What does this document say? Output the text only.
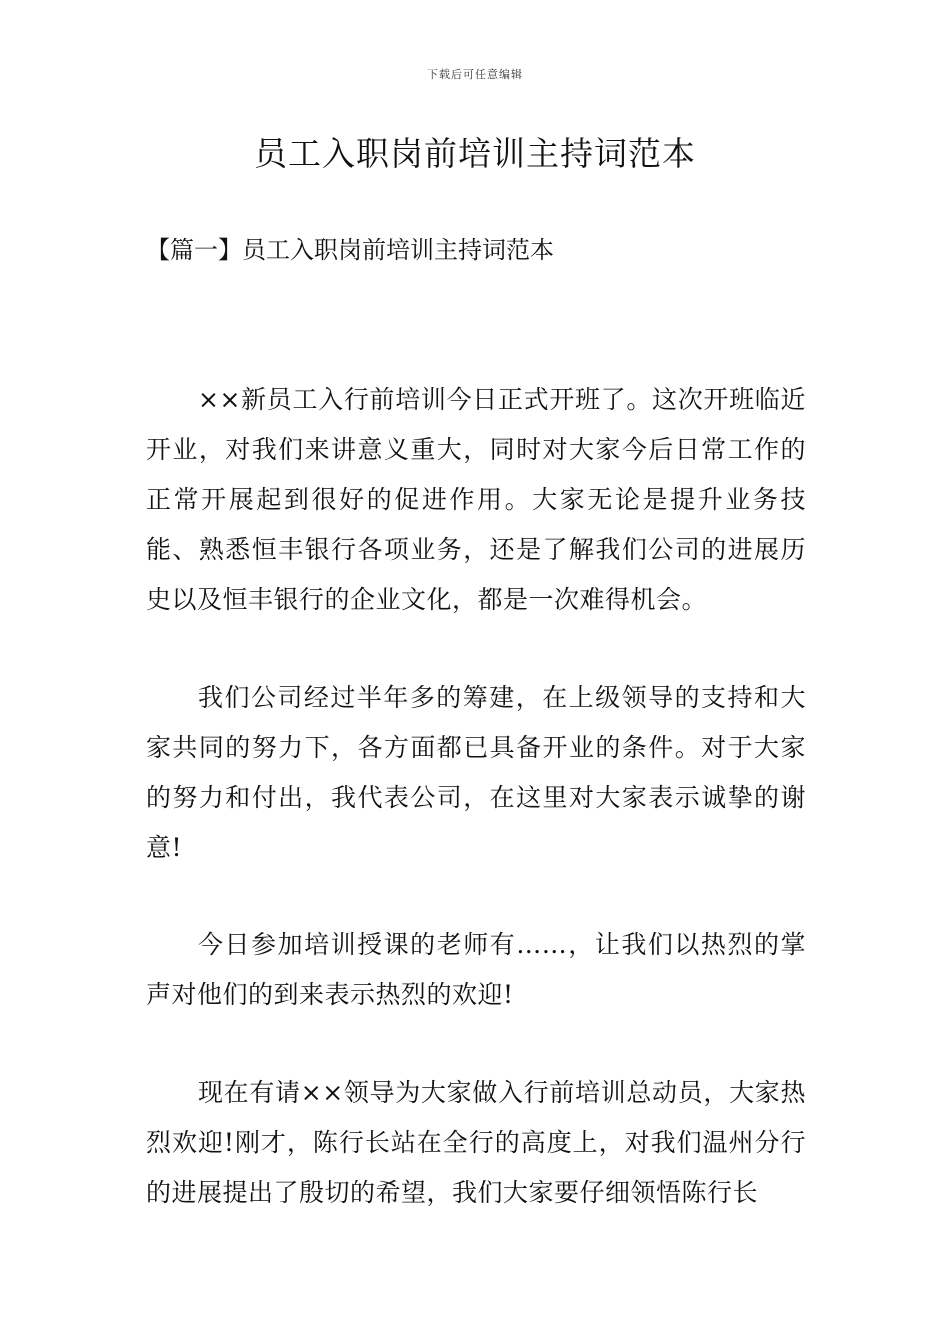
下载后可任意编辑
员工入职岗前培训主持词范本
【篇一】员工入职岗前培训主持词范本

××新员工入行前培训今日正式开班了。这次开班临近开业，对我们来讲意义重大，同时对大家今后日常工作的正常开展起到很好的促进作用。大家无论是提升业务技能、熟悉恒丰银行各项业务，还是了解我们公司的进展历史以及恒丰银行的企业文化，都是一次难得机会。

我们公司经过半年多的筹建，在上级领导的支持和大家共同的努力下，各方面都已具备开业的条件。对于大家的努力和付出，我代表公司，在这里对大家表示诚挚的谢意!

今日参加培训授课的老师有……，让我们以热烈的掌声对他们的到来表示热烈的欢迎!

现在有请××领导为大家做入行前培训总动员，大家热烈欢迎!刚才，陈行长站在全行的高度上，对我们温州分行的进展提出了殷切的希望，我们大家要仔细领悟陈行长
